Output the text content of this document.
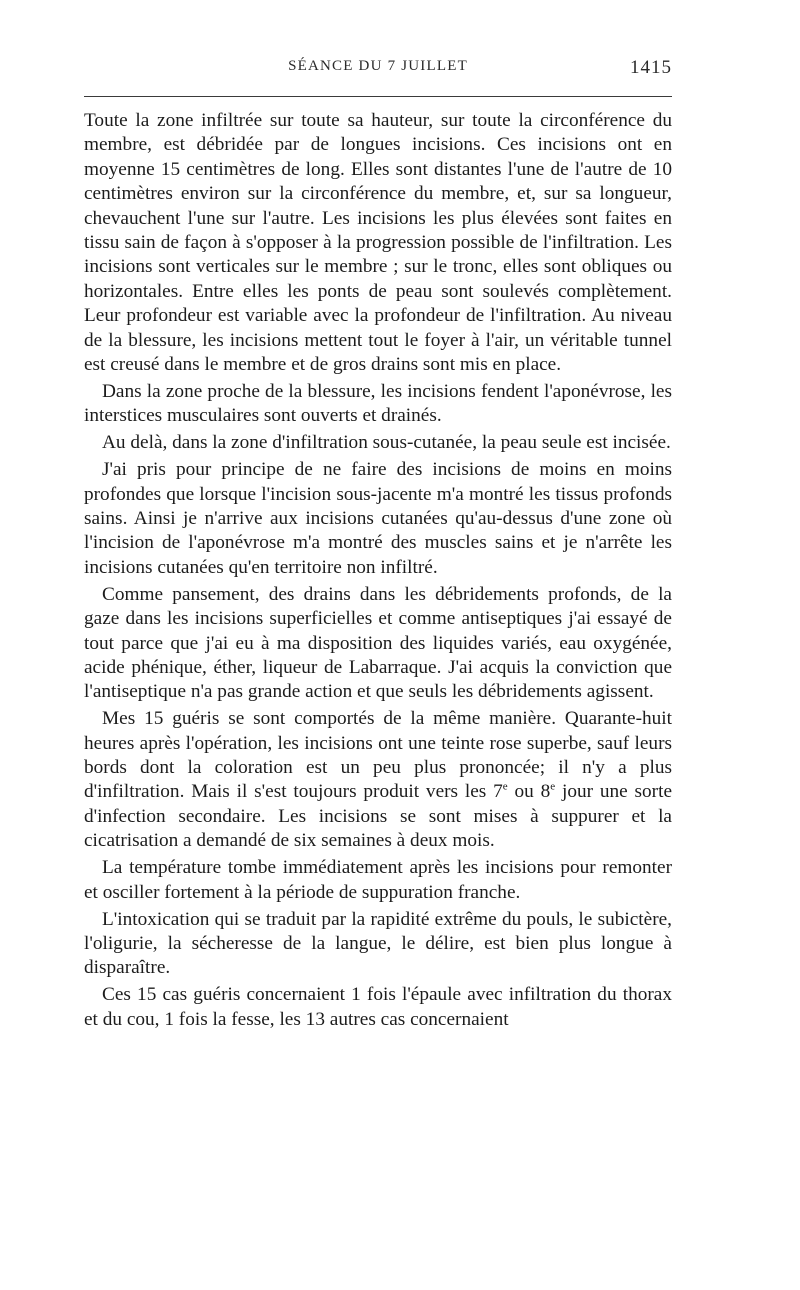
SÉANCE DU 7 JUILLET	1415

Toute la zone infiltrée sur toute sa hauteur, sur toute la circonférence du membre, est débridée par de longues incisions. Ces incisions ont en moyenne 15 centimètres de long. Elles sont distantes l'une de l'autre de 10 centimètres environ sur la circonférence du membre, et, sur sa longueur, chevauchent l'une sur l'autre. Les incisions les plus élevées sont faites en tissu sain de façon à s'opposer à la progression possible de l'infiltration. Les incisions sont verticales sur le membre ; sur le tronc, elles sont obliques ou horizontales. Entre elles les ponts de peau sont soulevés complètement. Leur profondeur est variable avec la profondeur de l'infiltration. Au niveau de la blessure, les incisions mettent tout le foyer à l'air, un véritable tunnel est creusé dans le membre et de gros drains sont mis en place.

Dans la zone proche de la blessure, les incisions fendent l'aponévrose, les interstices musculaires sont ouverts et drainés.

Au delà, dans la zone d'infiltration sous-cutanée, la peau seule est incisée.

J'ai pris pour principe de ne faire des incisions de moins en moins profondes que lorsque l'incision sous-jacente m'a montré les tissus profonds sains. Ainsi je n'arrive aux incisions cutanées qu'au-dessus d'une zone où l'incision de l'aponévrose m'a montré des muscles sains et je n'arrête les incisions cutanées qu'en territoire non infiltré.

Comme pansement, des drains dans les débridements profonds, de la gaze dans les incisions superficielles et comme antiseptiques j'ai essayé de tout parce que j'ai eu à ma disposition des liquides variés, eau oxygénée, acide phénique, éther, liqueur de Labarraque. J'ai acquis la conviction que l'antiseptique n'a pas grande action et que seuls les débridements agissent.

Mes 15 guéris se sont comportés de la même manière. Quarante-huit heures après l'opération, les incisions ont une teinte rose superbe, sauf leurs bords dont la coloration est un peu plus prononcée; il n'y a plus d'infiltration. Mais il s'est toujours produit vers les 7e ou 8e jour une sorte d'infection secondaire. Les incisions se sont mises à suppurer et la cicatrisation a demandé de six semaines à deux mois.

La température tombe immédiatement après les incisions pour remonter et osciller fortement à la période de suppuration franche.

L'intoxication qui se traduit par la rapidité extrême du pouls, le subictère, l'oligurie, la sécheresse de la langue, le délire, est bien plus longue à disparaître.

Ces 15 cas guéris concernaient 1 fois l'épaule avec infiltration du thorax et du cou, 1 fois la fesse, les 13 autres cas concernaient
